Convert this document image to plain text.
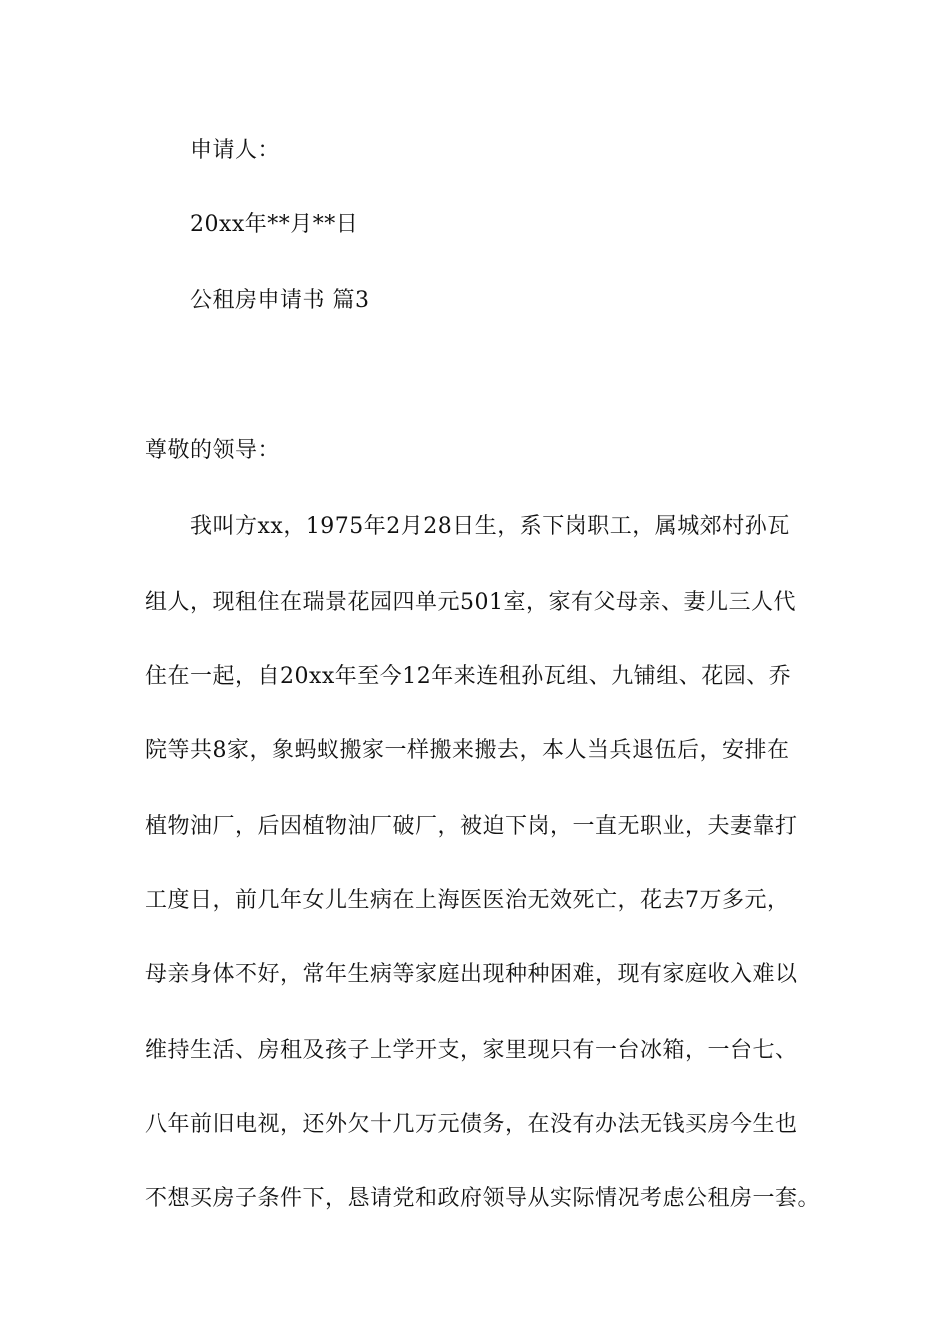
申请人：
20xx年**月**日
公租房申请书 篇3
尊敬的领导：
我叫方xx，1975年2月28日生，系下岗职工，属城郊村孙瓦
组人，现租住在瑞景花园四单元501室，家有父母亲、妻儿三人代
住在一起，自20xx年至今12年来连租孙瓦组、九铺组、花园、乔
院等共8家，象蚂蚁搬家一样搬来搬去，本人当兵退伍后，安排在
植物油厂，后因植物油厂破厂，被迫下岗，一直无职业，夫妻靠打
工度日，前几年女儿生病在上海医医治无效死亡，花去7万多元，
母亲身体不好，常年生病等家庭出现种种困难，现有家庭收入难以
维持生活、房租及孩子上学开支，家里现只有一台冰箱，一台七、
八年前旧电视，还外欠十几万元债务，在没有办法无钱买房今生也
不想买房子条件下，恳请党和政府领导从实际情况考虑公租房一套。
